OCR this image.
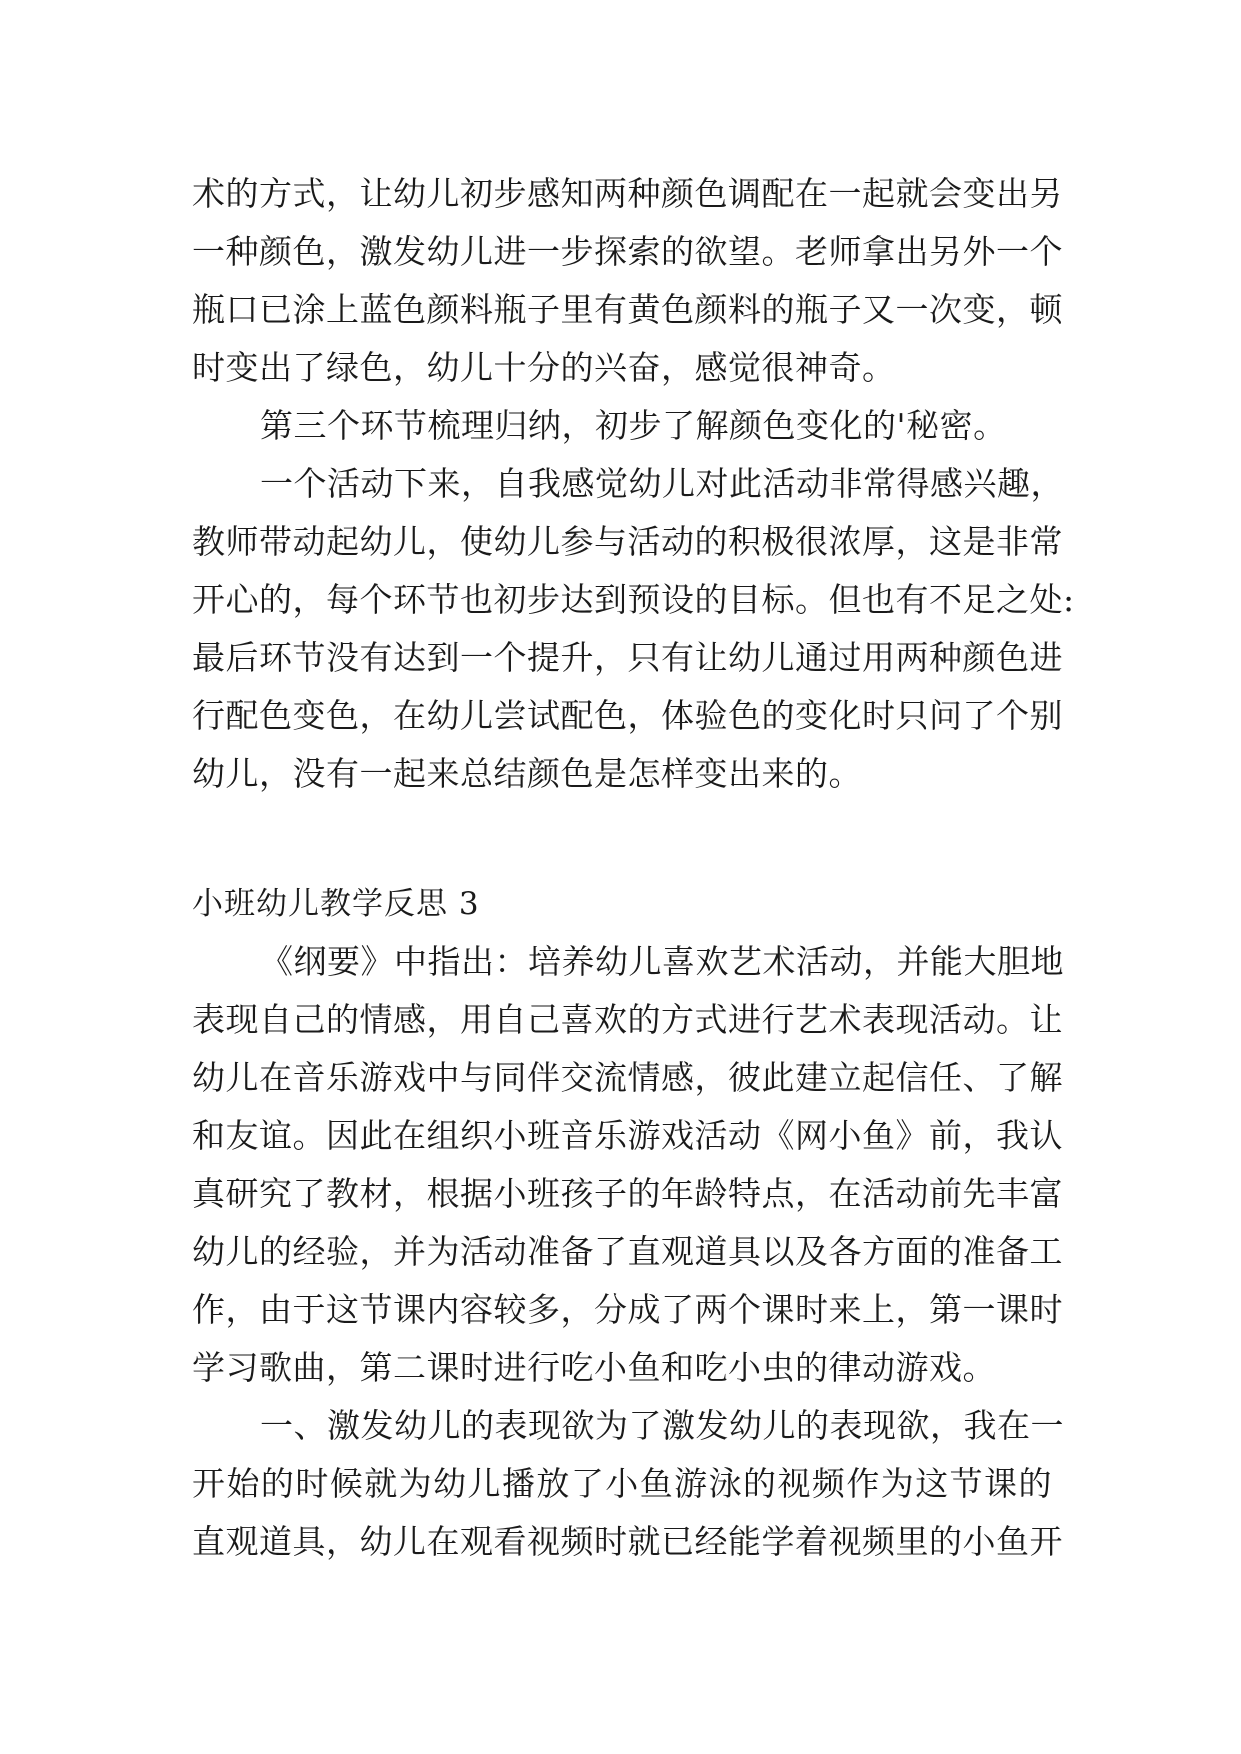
术的方式，让幼儿初步感知两种颜色调配在一起就会变出另
一种颜色，激发幼儿进一步探索的欲望。老师拿出另外一个
瓶口已涂上蓝色颜料瓶子里有黄色颜料的瓶子又一次变，顿
时变出了绿色，幼儿十分的兴奋，感觉很神奇。
第三个环节梳理归纳，初步了解颜色变化的'秘密。
一个活动下来，自我感觉幼儿对此活动非常得感兴趣，
教师带动起幼儿，使幼儿参与活动的积极很浓厚，这是非常
开心的，每个环节也初步达到预设的目标。但也有不足之处:
最后环节没有达到一个提升，只有让幼儿通过用两种颜色进
行配色变色，在幼儿尝试配色，体验色的变化时只问了个别
幼儿，没有一起来总结颜色是怎样变出来的。
小班幼儿教学反思 3
《纲要》中指出：培养幼儿喜欢艺术活动，并能大胆地
表现自己的情感，用自己喜欢的方式进行艺术表现活动。让
幼儿在音乐游戏中与同伴交流情感，彼此建立起信任、了解
和友谊。因此在组织小班音乐游戏活动《网小鱼》前，我认
真研究了教材，根据小班孩子的年龄特点，在活动前先丰富
幼儿的经验，并为活动准备了直观道具以及各方面的准备工
作，由于这节课内容较多，分成了两个课时来上，第一课时
学习歌曲，第二课时进行吃小鱼和吃小虫的律动游戏。
一、激发幼儿的表现欲为了激发幼儿的表现欲，我在一
开始的时候就为幼儿播放了小鱼游泳的视频作为这节课的
直观道具，幼儿在观看视频时就已经能学着视频里的小鱼开
